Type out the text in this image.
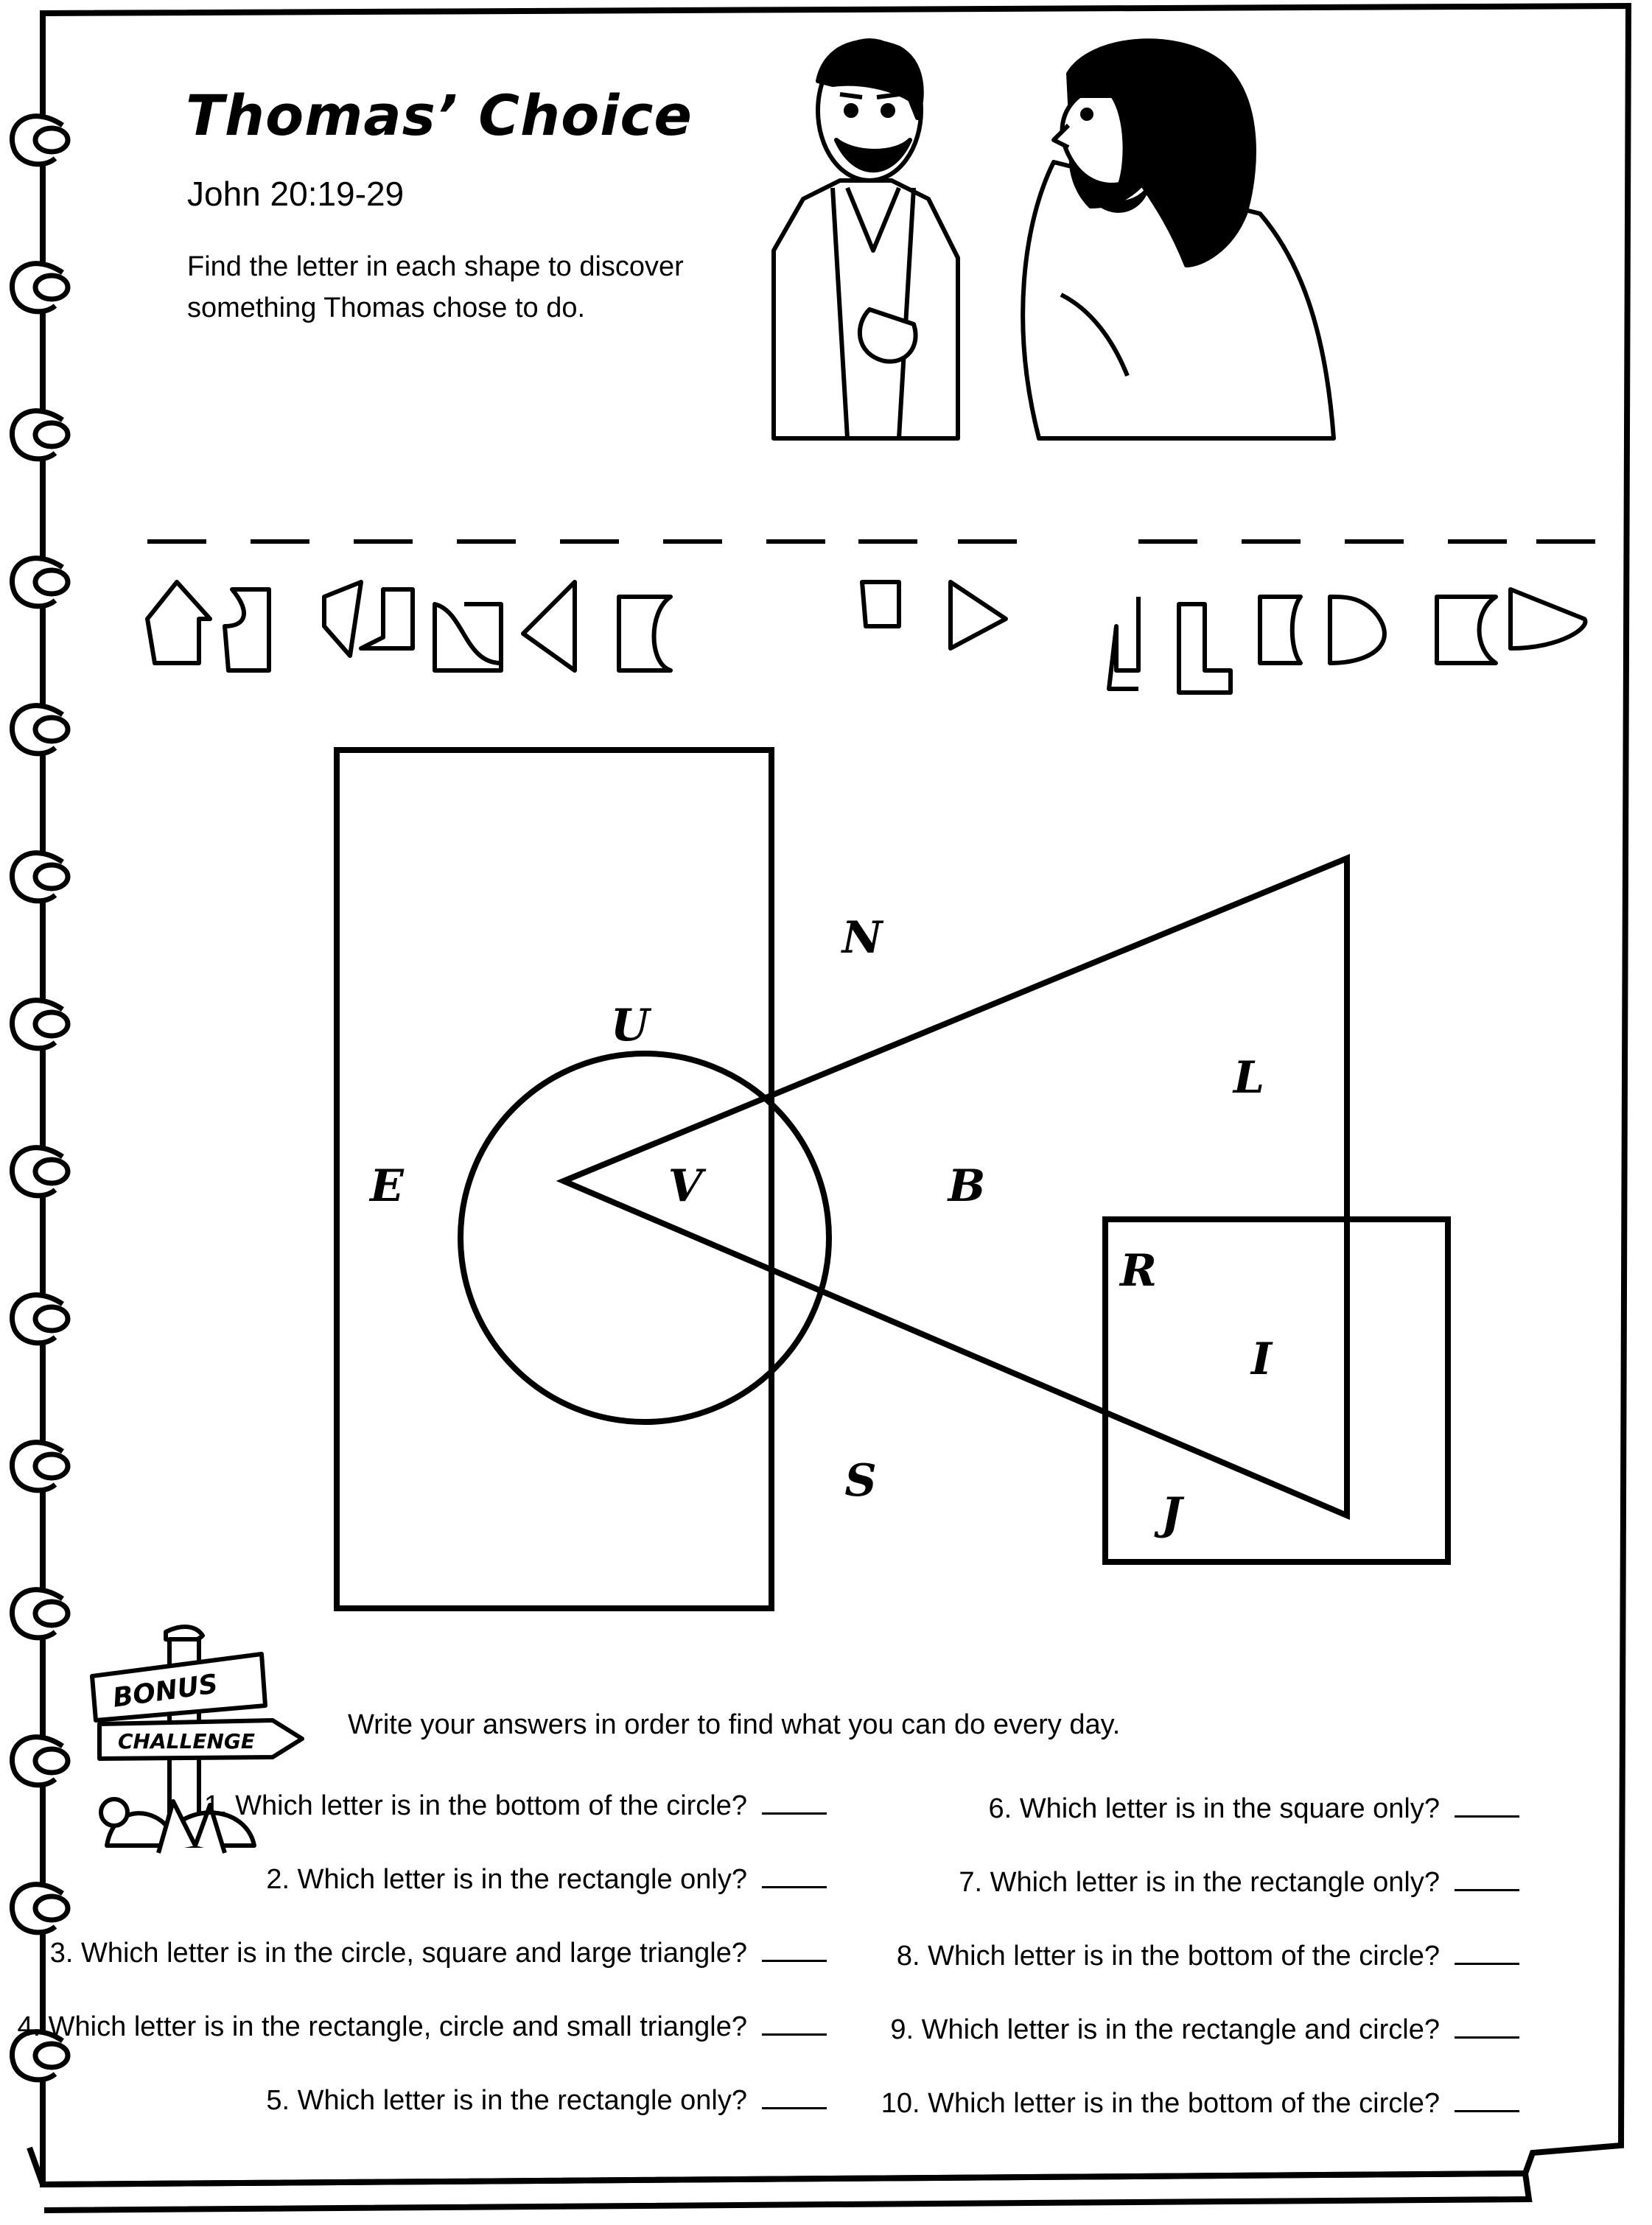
Thomas’ Choice
John 20:19-29
Find the letter in each shape to discover something Thomas chose to do.
N
U
E	V	B
L
R
I
S
J
BONUS
CHALLENGE
Write your answers in order to find what you can do every day.
1. Which letter is in the bottom of the circle?
2. Which letter is in the rectangle only?
3. Which letter is in the circle, square and large triangle?
4. Which letter is in the rectangle, circle and small triangle?
5. Which letter is in the rectangle only?
6. Which letter is in the square only?
7. Which letter is in the rectangle only?
8. Which letter is in the bottom of the circle?
9. Which letter is in the rectangle and circle?
10. Which letter is in the bottom of the circle?
